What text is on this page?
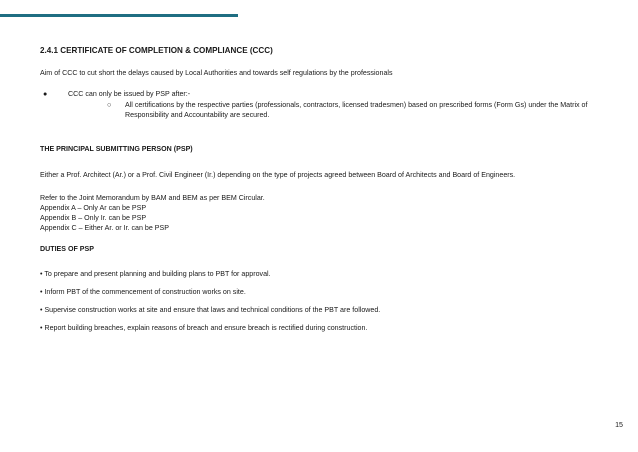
2.4.1 CERTIFICATE OF COMPLETION & COMPLIANCE (CCC)

Aim of CCC to cut short the delays caused by Local Authorities and towards self regulations by the professionals

●	CCC can only be issued by PSP after:-
○ All certifications by the respective parties (professionals, contractors, licensed tradesmen) based on prescribed forms (Form Gs) under the Matrix of Responsibility and Accountability are secured.

THE PRINCIPAL SUBMITTING PERSON (PSP)

Either a Prof. Architect (Ar.) or a Prof. Civil Engineer (Ir.) depending on the type of projects agreed between Board of Architects and Board of Engineers.

Refer to the Joint Memorandum by BAM and BEM as per BEM Circular.

Appendix A – Only Ar can be PSP

Appendix B – Only Ir. can be PSP

Appendix C – Either Ar. or Ir. can be PSP

DUTIES OF PSP

• To prepare and present planning and building plans to PBT for approval.

• Inform PBT of the commencement of construction works on site.

• Supervise construction works at site and ensure that laws and technical conditions of the PBT are followed.

• Report building breaches, explain reasons of breach and ensure breach is rectified during construction.

15
